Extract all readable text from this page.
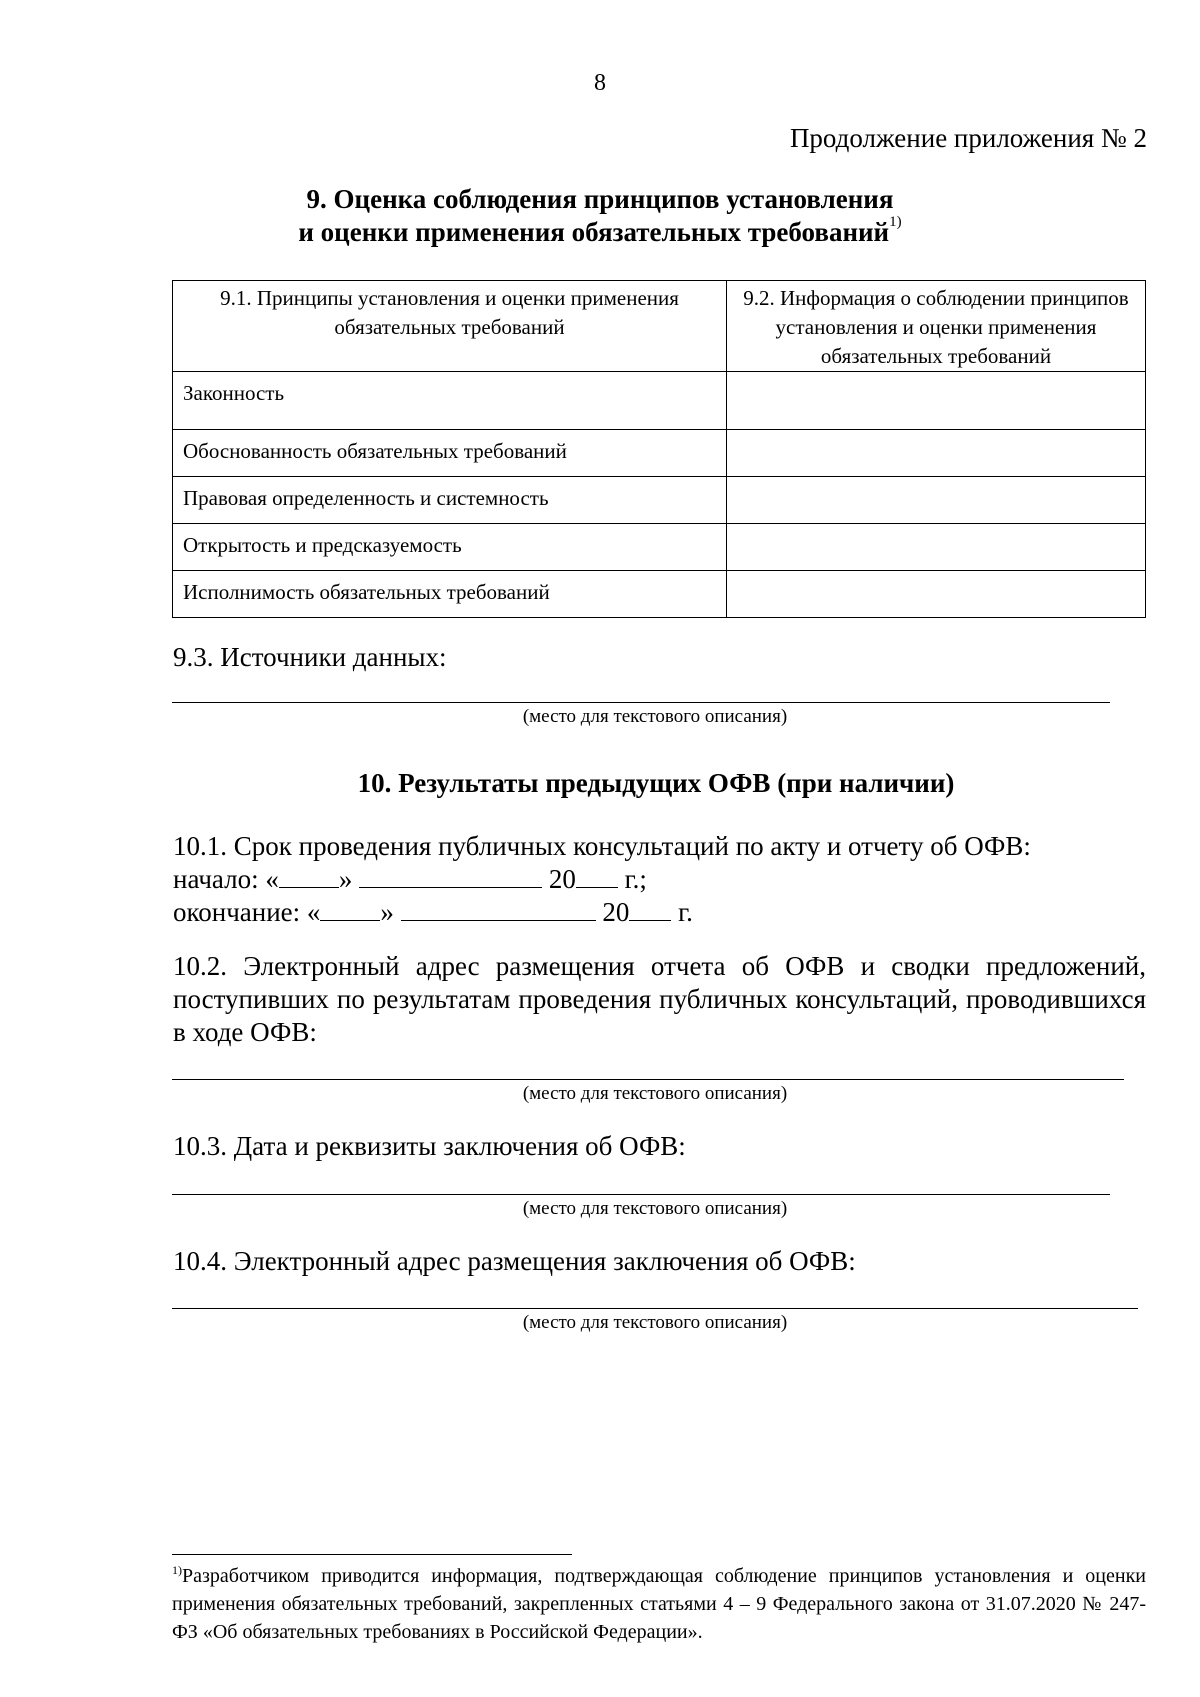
8
Продолжение приложения № 2
9. Оценка соблюдения принципов установления
и оценки применения обязательных требований$^{1)}$
9.1. Принципы установления и оценки применения обязательных требований	9.2. Информация о соблюдении принципов установления и оценки применения обязательных требований
Законность	
Обоснованность обязательных требований	
Правовая определенность и системность	
Открытость и предсказуемость	
Исполнимость обязательных требований	
9.3. Источники данных:
(место для текстового описания)
10. Результаты предыдущих ОФВ (при наличии)
10.1. Срок проведения публичных консультаций по акту и отчету об ОФВ:
начало: « »	20 г.;
окончание: « »	20 г.
10.2. Электронный адрес размещения отчета об ОФВ и сводки предложений, поступивших по результатам проведения публичных консультаций, проводившихся в ходе ОФВ:
(место для текстового описания)
10.3. Дата и реквизиты заключения об ОФВ:
(место для текстового описания)
10.4. Электронный адрес размещения заключения об ОФВ:
(место для текстового описания)
$^{1)}$Разработчиком приводится информация, подтверждающая соблюдение принципов установления и оценки применения обязательных требований, закрепленных статьями 4 – 9 Федерального закона от 31.07.2020 № 247-ФЗ «Об обязательных требованиях в Российской Федерации».
